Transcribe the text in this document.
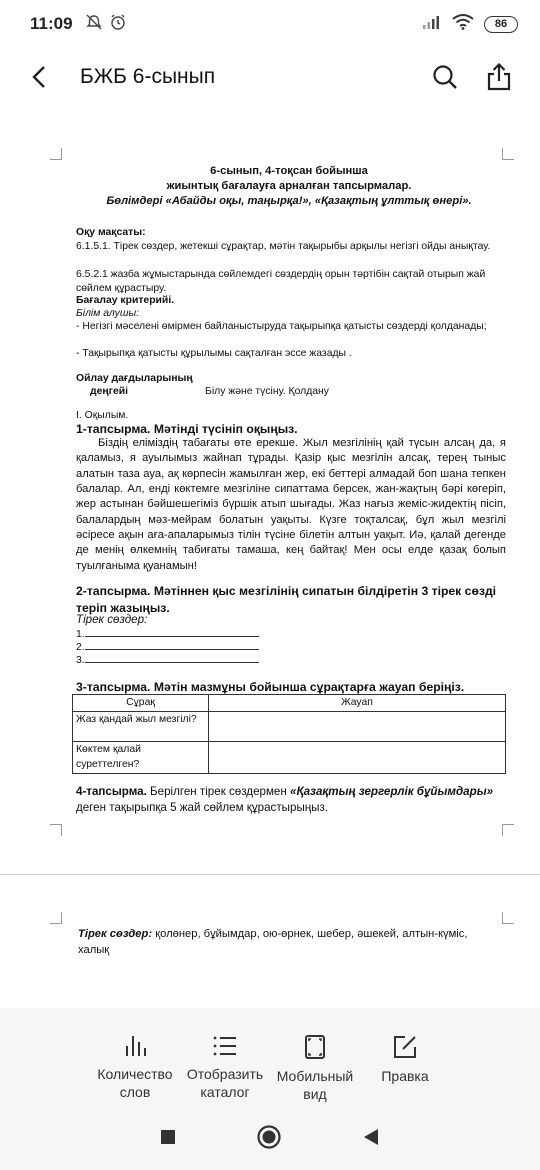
11:09	86
БЖБ 6-сынып
6-сынып, 4-тоқсан бойынша
жиынтық бағалауға арналған тапсырмалар.
Бөлімдері «Абайды оқы, таңырқа!», «Қазақтың ұлттық өнері».
Оқу мақсаты:
6.1.5.1. Тірек сөздер, жетекші сұрақтар, мәтін тақырыбы арқылы негізгі ойды анықтау.
6.5.2.1 жазба жұмыстарында сөйлемдегі сөздердің орын тәртібін сақтай отырып жай сөйлем құрастыру.
Бағалау критерийі.
Білім алушы:
- Негізгі мәселені өмірмен байланыстыруда тақырыпқа қатысты сөздерді қолданады;
- Тақырыпқа қатысты құрылымы сақталған эссе жазады .
Ойлау дағдыларының
деңгейі	Білу және түсіну. Қолдану
І. Оқылым.
1-тапсырма. Мәтінді түсініп оқыңыз.
Біздің еліміздің табағаты өте ерекше. Жыл мезгілінің қай түсын алсаң да, я қаламыз, я ауылымыз жайнап тұрады. Қазір қыс мезгілін алсақ, терең тыныс алатын таза ауа, ақ көрпесін жамылған жер, екі беттері алмадай боп шана тепкен балалар. Ал, енді көктемге мезгіліне сипаттама берсек, жан-жақтың бәрі көгеріп, жер астынан бәйшешегіміз бүршік атып шығады. Жаз нағыз жеміс-жидектің пісіп, балалардың мәз-мейрам болатын уақыты. Күзге тоқталсақ, бұл жыл мезгілі әсіресе ақын аға-апаларымыз тілін түсіне білетін алтын уақыт. Иә, қалай дегенде де менің өлкемнің табиғаты тамаша, кең байтақ! Мен осы елде қазақ болып туылғаныма қуанамын!
2-тапсырма. Мәтіннен қыс мезгілінің сипатын білдіретін 3 тірек сөзді теріп жазыңыз.
Тірек сөздер:
1.
2.
3.
3-тапсырма. Мәтін мазмұны бойынша сұрақтарға жауап беріңіз.
Сұрақ	Жауап
Жаз қандай жыл мезгілі?	
Көктем қалай суреттелген?	
4-тапсырма. Берілген тірек сөздермен «Қазақтың зергерлік бұйымдары» деген тақырыпқа 5 жай сөйлем құрастырыңыз.
Тірек сөздер: қолөнер, бұйымдар, ою-өрнек, шебер, әшекей, алтын-күміс, халық
Количество слов
Отобразить каталог
Мобильный вид
Правка
